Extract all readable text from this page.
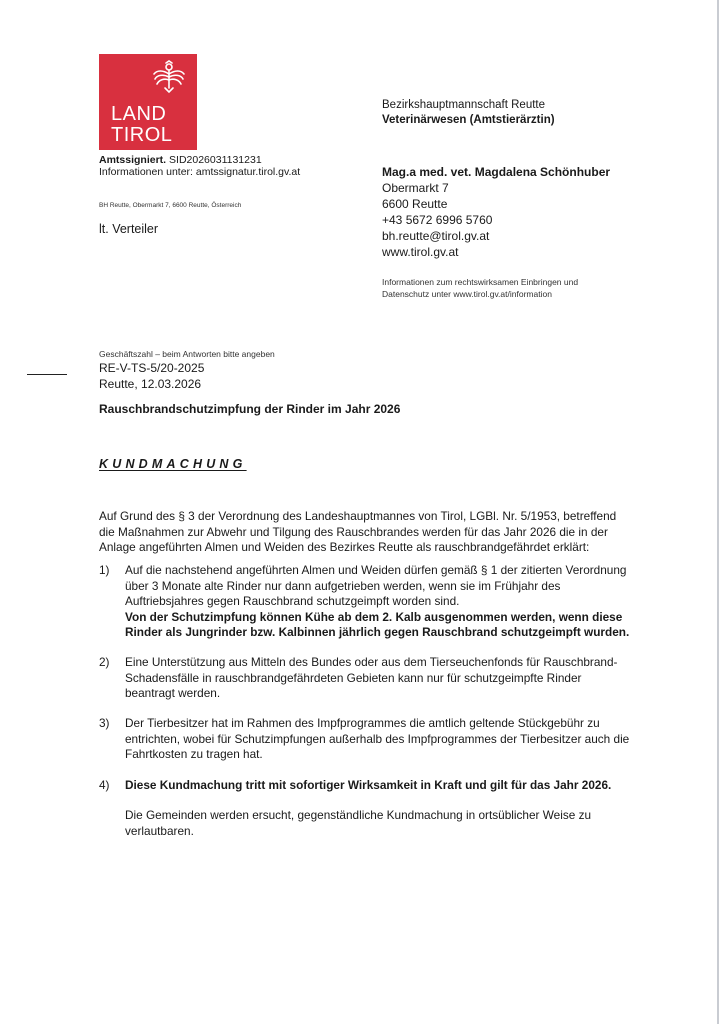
LAND
TIROL
Amtssigniert. SID2026031131231
Informationen unter: amtssignatur.tirol.gv.at
BH Reutte, Obermarkt 7, 6600 Reutte, Österreich
lt. Verteiler
Bezirkshauptmannschaft Reutte
Veterinärwesen (Amtstierärztin)
Mag.a med. vet. Magdalena Schönhuber
Obermarkt 7
6600 Reutte
+43 5672 6996 5760
bh.reutte@tirol.gv.at
www.tirol.gv.at
Informationen zum rechtswirksamen Einbringen und
Datenschutz unter www.tirol.gv.at/information
Geschäftszahl – beim Antworten bitte angeben
RE-V-TS-5/20-2025
Reutte, 12.03.2026
Rauschbrandschutzimpfung der Rinder im Jahr 2026
KUNDMACHUNG
Auf Grund des § 3 der Verordnung des Landeshauptmannes von Tirol, LGBl. Nr. 5/1953, betreffend die Maßnahmen zur Abwehr und Tilgung des Rauschbrandes werden für das Jahr 2026 die in der Anlage angeführten Almen und Weiden des Bezirkes Reutte als rauschbrandgefährdet erklärt:
1)	Auf die nachstehend angeführten Almen und Weiden dürfen gemäß § 1 der zitierten Verordnung über 3 Monate alte Rinder nur dann aufgetrieben werden, wenn sie im Frühjahr des Auftriebsjahres gegen Rauschbrand schutzgeimpft worden sind.
Von der Schutzimpfung können Kühe ab dem 2. Kalb ausgenommen werden, wenn diese Rinder als Jungrinder bzw. Kalbinnen jährlich gegen Rauschbrand schutzgeimpft wurden.
2)	Eine Unterstützung aus Mitteln des Bundes oder aus dem Tierseuchenfonds für Rauschbrand-Schadensfälle in rauschbrandgefährdeten Gebieten kann nur für schutzgeimpfte Rinder beantragt werden.
3)	Der Tierbesitzer hat im Rahmen des Impfprogrammes die amtlich geltende Stückgebühr zu entrichten, wobei für Schutzimpfungen außerhalb des Impfprogrammes der Tierbesitzer auch die Fahrtkosten zu tragen hat.
4)	Diese Kundmachung tritt mit sofortiger Wirksamkeit in Kraft und gilt für das Jahr 2026.
Die Gemeinden werden ersucht, gegenständliche Kundmachung in ortsüblicher Weise zu verlautbaren.
